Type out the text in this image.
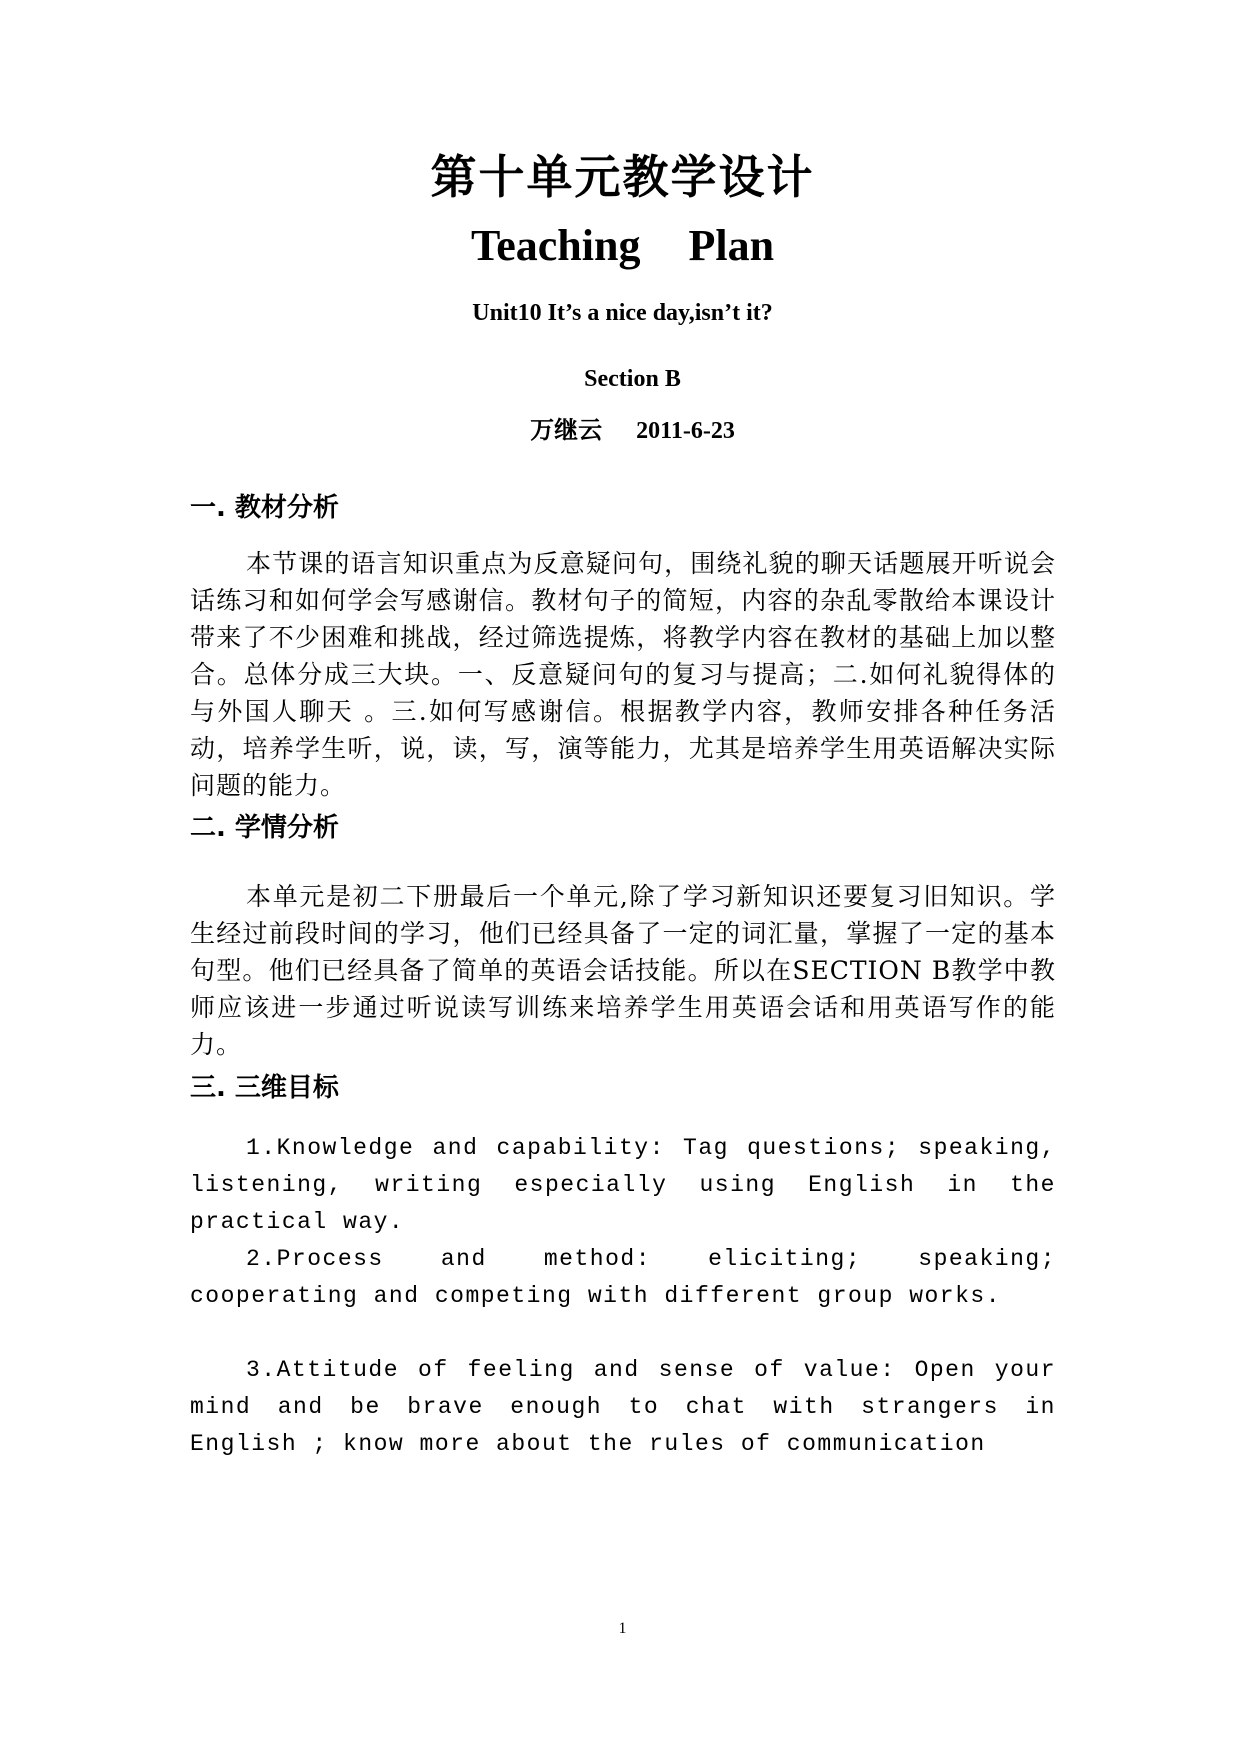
第十单元教学设计
Teaching Plan
Unit10 It’s a nice day,isn’t it?
Section B
万继云 2011-6-23
一. 教材分析

本节课的语言知识重点为反意疑问句，围绕礼貌的聊天话题展开听说会话练习和如何学会写感谢信。教材句子的简短，内容的杂乱零散给本课设计带来了不少困难和挑战，经过筛选提炼，将教学内容在教材的基础上加以整合。总体分成三大块。一、反意疑问句的复习与提高；二.如何礼貌得体的与外国人聊天 。三.如何写感谢信。根据教学内容，教师安排各种任务活动，培养学生听，说，读，写，演等能力，尤其是培养学生用英语解决实际问题的能力。

二. 学情分析

本单元是初二下册最后一个单元,除了学习新知识还要复习旧知识。学生经过前段时间的学习，他们已经具备了一定的词汇量，掌握了一定的基本句型。他们已经具备了简单的英语会话技能。所以在SECTION B教学中教师应该进一步通过听说读写训练来培养学生用英语会话和用英语写作的能力。

三. 三维目标

1.Knowledge and capability: Tag questions; speaking, listening, writing especially using English in the practical way.

2.Process and method: eliciting; speaking; cooperating and competing with different group works.

3.Attitude of feeling and sense of value: Open your mind and be brave enough to chat with strangers in English ; know more about the rules of communication

1
